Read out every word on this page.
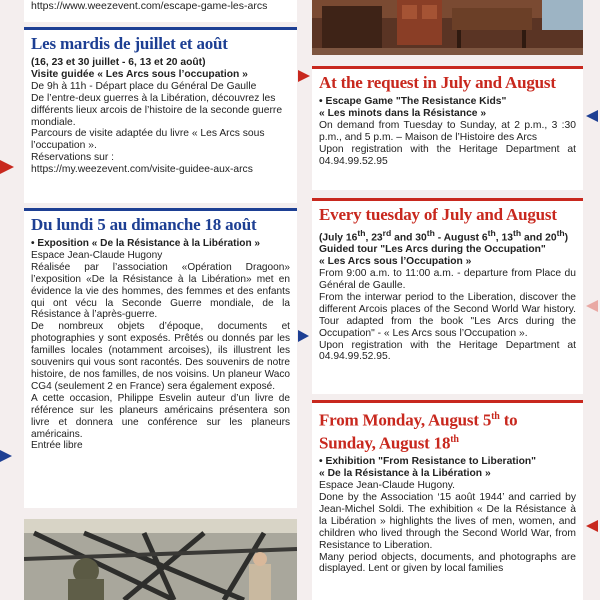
https://www.weezevent.com/escape-game-les-arcs

Les mardis de juillet et août

(16, 23 et 30 juillet - 6, 13 et 20 août)

Visite guidée « Les Arcs sous l’occupation »

De 9h à 11h - Départ place du Général De Gaulle

De l’entre-deux guerres à la Libération, découvrez les différents lieux arcois de l’histoire de la seconde guerre mondiale.

Parcours de visite adaptée du livre « Les Arcs sous l’occupation ».

Réservations sur :

https://my.weezevent.com/visite-guidee-aux-arcs

Du lundi 5 au dimanche 18 août

• Exposition « De la Résistance à la Libération »

Espace Jean-Claude Hugony

Réalisée par l’association «Opération Dragoon» l’exposition «De la Résistance à la Libération» met en évidence la vie des hommes, des femmes et des enfants qui ont vécu la Seconde Guerre mondiale, de la Résistance à l’après-guerre.

De nombreux objets d’époque, documents et photographies y sont exposés. Prêtés ou donnés par les familles locales (notamment arcoises), ils illustrent les souvenirs qui vous sont racontés. Des souvenirs de notre histoire, de nos familles, de nos voisins. Un planeur Waco CG4 (seulement 2 en France) sera également exposé.

A cette occasion, Philippe Esvelin auteur d’un livre de référence sur les planeurs américains présentera son livre et donnera une conférence sur les planeurs américains.

Entrée libre

At the request in July and August

• Escape Game "The Resistance Kids"

« Les minots dans la Résistance »

On demand from Tuesday to Sunday, at 2 p.m., 3 :30 p.m., and 5 p.m. – Maison de l’Histoire des Arcs

Upon registration with the Heritage Department at 04.94.99.52.95

Every tuesday of July and August

(July 16th, 23rd and 30th - August 6th, 13th and 20th)

Guided tour "Les Arcs during the Occupation"

« Les Arcs sous l’Occupation »

From 9:00 a.m. to 11:00 a.m. - departure from Place du Général de Gaulle.

From the interwar period to the Liberation, discover the different Arcois places of the Second World War history. Tour adapted from the book "Les Arcs during the Occupation" - « Les Arcs sous l’Occupation ».

Upon registration with the Heritage Department at 04.94.99.52.95.

From Monday, August 5th to Sunday, August 18th

• Exhibition "From Resistance to Liberation"

« De la Résistance à la Libération »

Espace Jean-Claude Hugony.

Done by the Association ‘15 août 1944’ and carried by Jean-Michel Soldi. The exhibition « De la Résistance à la Libération » highlights the lives of men, women, and children who lived through the Second World War, from Resistance to Liberation.

Many period objects, documents, and photographs are displayed. Lent or given by local families
